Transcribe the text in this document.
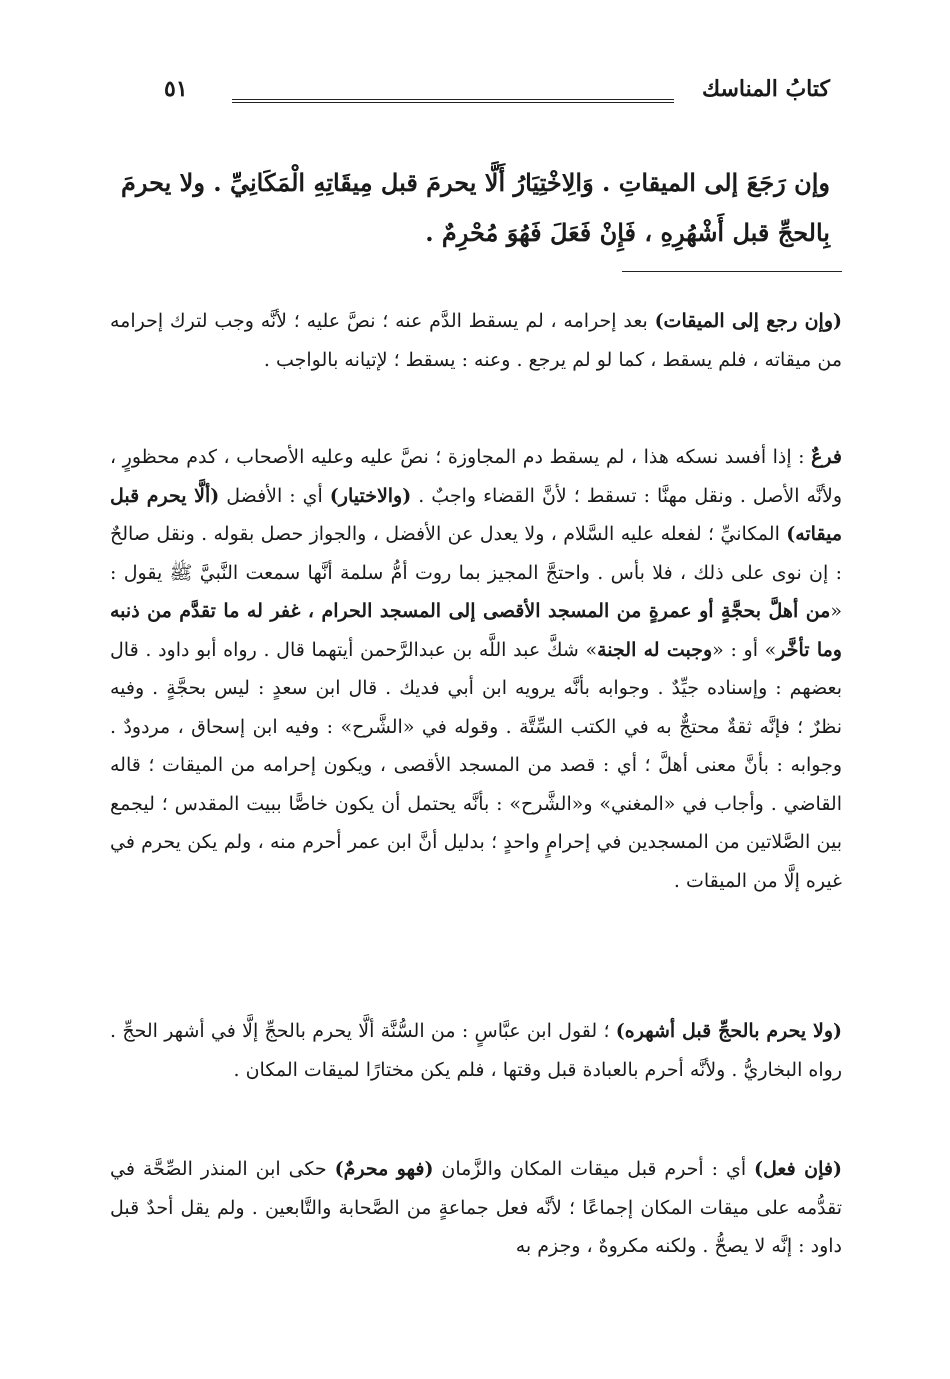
كتابُ المناسك
٥١
وإن رَجَعَ إلى الميقاتِ . وَالِاخْتِيَارُ أَلَّا يحرمَ قبل مِيقَاتِهِ الْمَكَانِيِّ . ولا يحرمَ
بِالحجِّ قبل أَشْهُرِهِ ، فَإِنْ فَعَلَ فَهُوَ مُحْرِمٌ .
(وإن رجع إلى الميقات) بعد إحرامه ، لم يسقط الدَّم عنه ؛ نصَّ عليه ؛ لأنَّه وجب لترك إحرامه من ميقاته ، فلم يسقط ، كما لو لم يرجع . وعنه : يسقط ؛ لإتيانه بالواجب .
فرعٌ : إذا أفسد نسكه هذا ، لم يسقط دم المجاوزة ؛ نصَّ عليه وعليه الأصحاب ، كدم محظورٍ ، ولأنَّه الأصل . ونقل مهنَّا : تسقط ؛ لأنَّ القضاء واجبٌ . (والاختيار) أي : الأفضل (ألَّا يحرم قبل ميقاته) المكانيِّ ؛ لفعله عليه السَّلام ، ولا يعدل عن الأفضل ، والجواز حصل بقوله . ونقل صالحٌ : إن نوى على ذلك ، فلا بأس . واحتجَّ المجيز بما روت أمُّ سلمة أنَّها سمعت النَّبيَّ ﷺ يقول : «من أهلَّ بحجَّةٍ أو عمرةٍ من المسجد الأقصى إلى المسجد الحرام ، غفر له ما تقدَّم من ذنبه وما تأخَّر» أو : «وجبت له الجنة» شكَّ عبد اللَّه بن عبدالرَّحمن أيتهما قال . رواه أبو داود . قال بعضهم : وإسناده جيِّدٌ . وجوابه بأنَّه يرويه ابن أبي فديك . قال ابن سعدٍ : ليس بحجَّةٍ . وفيه نظرٌ ؛ فإنَّه ثقةٌ محتجٌّ به في الكتب السِّتَّة . وقوله في «الشَّرح» : وفيه ابن إسحاق ، مردودٌ . وجوابه : بأنَّ معنى أهلَّ ؛ أي : قصد من المسجد الأقصى ، ويكون إحرامه من الميقات ؛ قاله القاضي . وأجاب في «المغني» و«الشَّرح» : بأنَّه يحتمل أن يكون خاصًّا ببيت المقدس ؛ ليجمع بين الصَّلاتين من المسجدين في إحرامٍ واحدٍ ؛ بدليل أنَّ ابن عمر أحرم منه ، ولم يكن يحرم في غيره إلَّا من الميقات .
(ولا يحرم بالحجِّ قبل أشهره) ؛ لقول ابن عبَّاسٍ : من السُّنَّة ألَّا يحرم بالحجِّ إلَّا في أشهر الحجِّ . رواه البخاريُّ . ولأنَّه أحرم بالعبادة قبل وقتها ، فلم يكن مختارًا لميقات المكان .
(فإن فعل) أي : أحرم قبل ميقات المكان والزَّمان (فهو محرمٌ) حكى ابن المنذر الصِّحَّة في تقدُّمه على ميقات المكان إجماعًا ؛ لأنَّه فعل جماعةٍ من الصَّحابة والتَّابعين . ولم يقل أحدٌ قبل داود : إنَّه لا يصحُّ . ولكنه مكروهٌ ، وجزم به
